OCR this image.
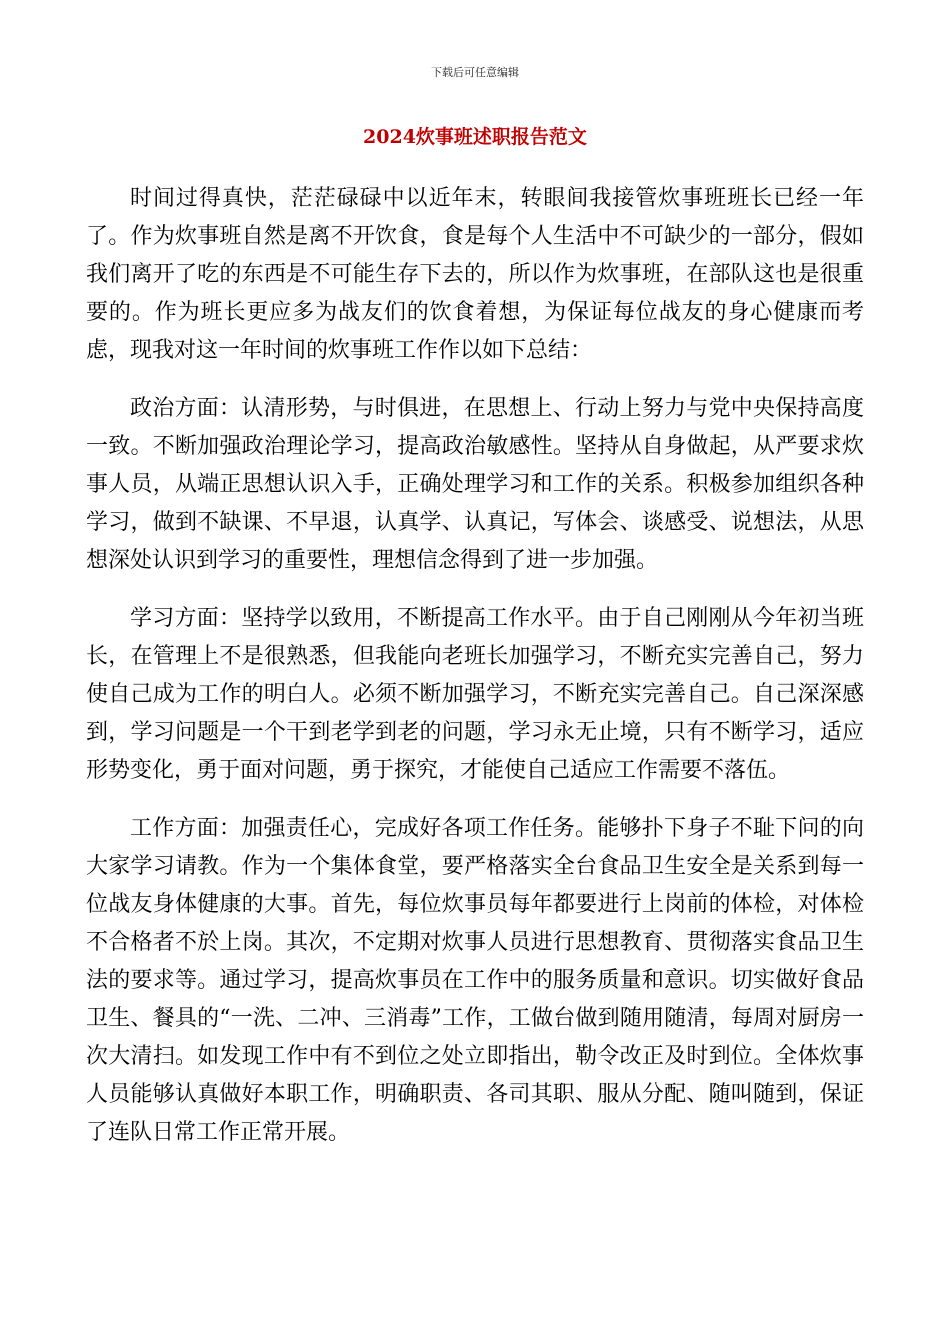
下载后可任意编辑

2024炊事班述职报告范文

时间过得真快，茫茫碌碌中以近年末，转眼间我接管炊事班班长已经一年了。作为炊事班自然是离不开饮食，食是每个人生活中不可缺少的一部分，假如我们离开了吃的东西是不可能生存下去的，所以作为炊事班，在部队这也是很重要的。作为班长更应多为战友们的饮食着想，为保证每位战友的身心健康而考虑，现我对这一年时间的炊事班工作作以如下总结：

政治方面：认清形势，与时俱进，在思想上、行动上努力与党中央保持高度一致。不断加强政治理论学习，提高政治敏感性。坚持从自身做起，从严要求炊事人员，从端正思想认识入手，正确处理学习和工作的关系。积极参加组织各种学习，做到不缺课、不早退，认真学、认真记，写体会、谈感受、说想法，从思想深处认识到学习的重要性，理想信念得到了进一步加强。

学习方面：坚持学以致用，不断提高工作水平。由于自己刚刚从今年初当班长，在管理上不是很熟悉，但我能向老班长加强学习，不断充实完善自己，努力使自己成为工作的明白人。必须不断加强学习，不断充实完善自己。自己深深感到，学习问题是一个干到老学到老的问题，学习永无止境，只有不断学习，适应形势变化，勇于面对问题，勇于探究，才能使自己适应工作需要不落伍。

工作方面：加强责任心，完成好各项工作任务。能够扑下身子不耻下问的向大家学习请教。作为一个集体食堂，要严格落实全台食品卫生安全是关系到每一位战友身体健康的大事。首先，每位炊事员每年都要进行上岗前的体检，对体检不合格者不於上岗。其次，不定期对炊事人员进行思想教育、贯彻落实食品卫生法的要求等。通过学习，提高炊事员在工作中的服务质量和意识。切实做好食品卫生、餐具的“一洗、二冲、三消毒”工作，工做台做到随用随清，每周对厨房一次大清扫。如发现工作中有不到位之处立即指出，勒令改正及时到位。全体炊事人员能够认真做好本职工作，明确职责、各司其职、服从分配、随叫随到，保证了连队日常工作正常开展。
